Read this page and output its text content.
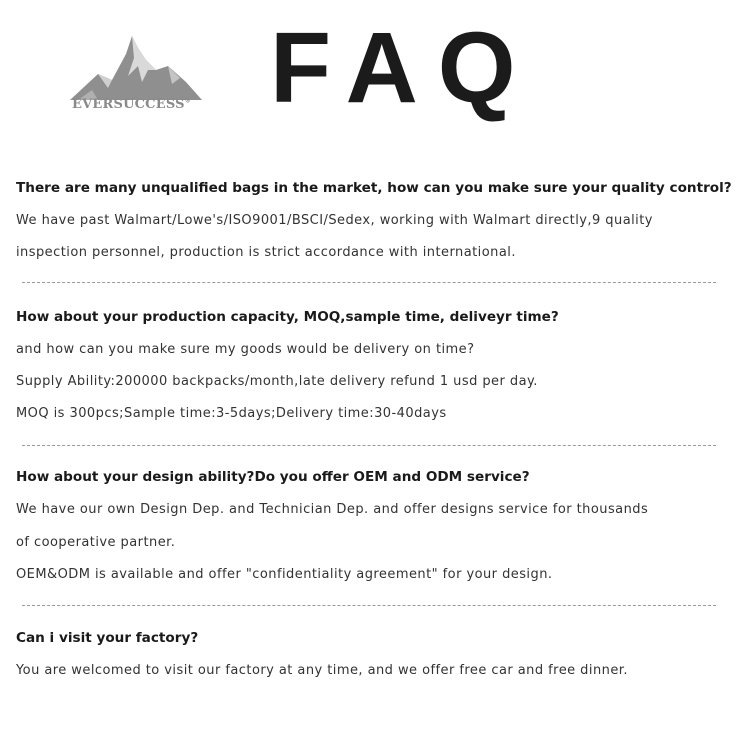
EVERSUCCESS® FAQ
There are many unqualified bags in the market, how can you make sure your quality control?
We have past Walmart/Lowe's/ISO9001/BSCI/Sedex, working with Walmart directly,9 quality
inspection personnel, production is strict accordance with international.
How about your production capacity, MOQ,sample time, deliveyr time?
and how can you make sure my goods would be delivery on time?
Supply Ability:200000 backpacks/month,late delivery refund 1 usd per day.
MOQ is 300pcs;Sample time:3-5days;Delivery time:30-40days
How about your design ability?Do you offer OEM and ODM service?
We have our own Design Dep. and Technician Dep. and offer designs service for thousands
of cooperative partner.
OEM&ODM is available and offer "confidentiality agreement" for your design.
Can i visit your factory?
You are welcomed to visit our factory at any time, and we offer free car and free dinner.
